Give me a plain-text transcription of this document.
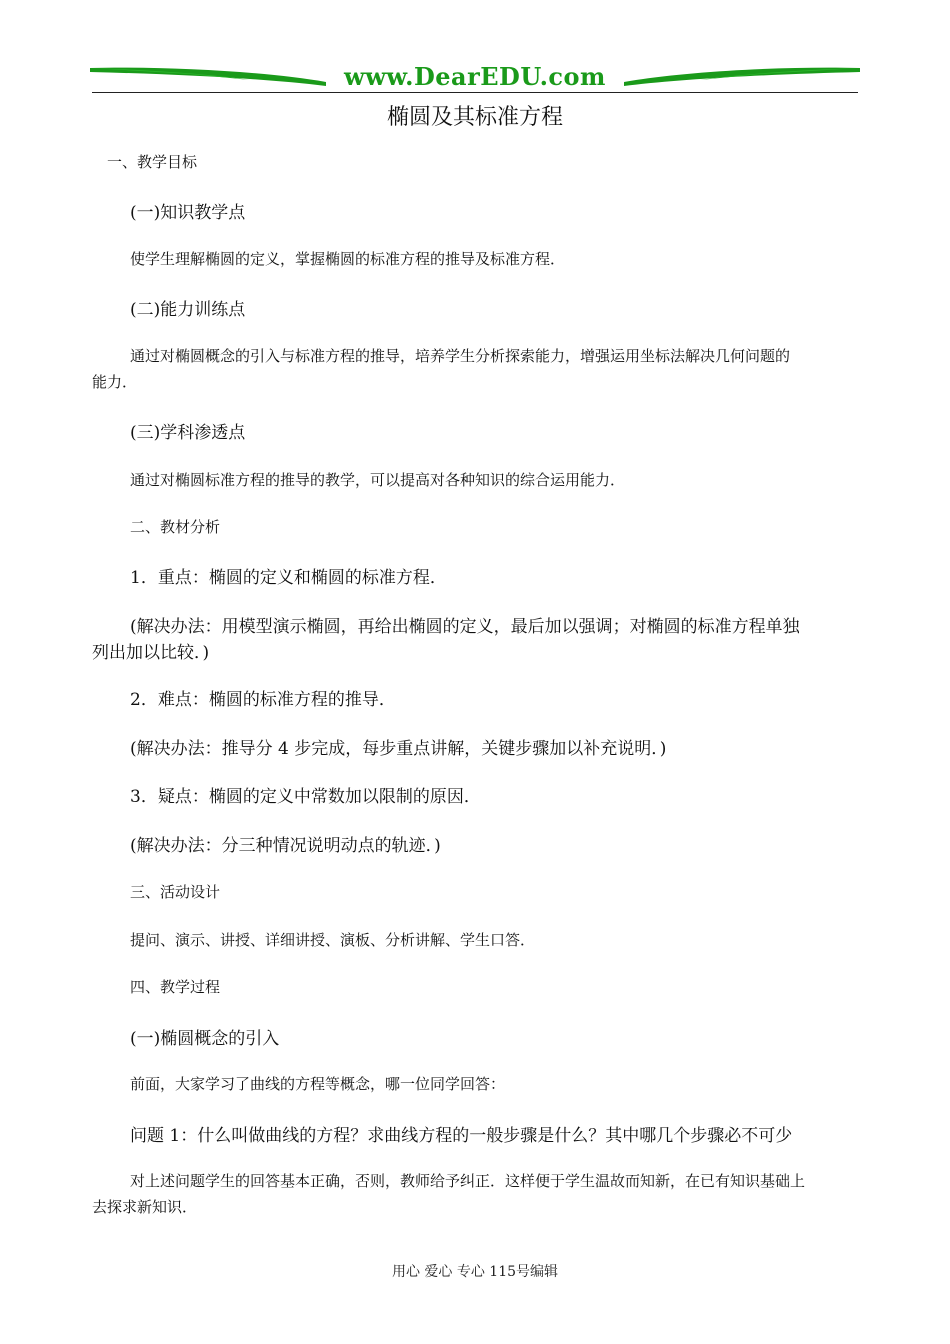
www.DearEDU.com
椭圆及其标准方程
一、教学目标
(一)知识教学点
使学生理解椭圆的定义，掌握椭圆的标准方程的推导及标准方程．
(二)能力训练点
通过对椭圆概念的引入与标准方程的推导，培养学生分析探索能力，增强运用坐标法解决几何问题的
能力．
(三)学科渗透点
通过对椭圆标准方程的推导的教学，可以提高对各种知识的综合运用能力．
二、教材分析
1．重点：椭圆的定义和椭圆的标准方程．
(解决办法：用模型演示椭圆，再给出椭圆的定义，最后加以强调；对椭圆的标准方程单独
列出加以比较．)
2．难点：椭圆的标准方程的推导．
(解决办法：推导分 4 步完成，每步重点讲解，关键步骤加以补充说明．)
3．疑点：椭圆的定义中常数加以限制的原因．
(解决办法：分三种情况说明动点的轨迹．)
三、活动设计
提问、演示、讲授、详细讲授、演板、分析讲解、学生口答．
四、教学过程
(一)椭圆概念的引入
前面，大家学习了曲线的方程等概念，哪一位同学回答：
问题 1：什么叫做曲线的方程？求曲线方程的一般步骤是什么？其中哪几个步骤必不可少
对上述问题学生的回答基本正确，否则，教师给予纠正．这样便于学生温故而知新，在已有知识基础上
去探求新知识．
用心 爱心 专心 115号编辑
